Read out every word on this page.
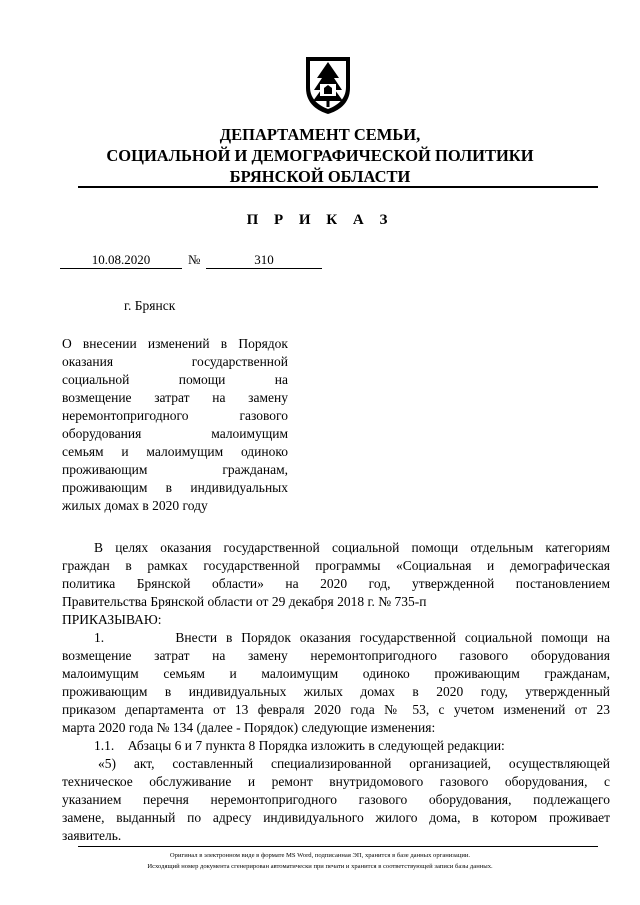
ДЕПАРТАМЕНТ СЕМЬИ,
СОЦИАЛЬНОЙ И ДЕМОГРАФИЧЕСКОЙ ПОЛИТИКИ
БРЯНСКОЙ ОБЛАСТИ
П Р И К А З
10.08.2020	№	310
г. Брянск
О внесении изменений в Порядок
оказания государственной
социальной помощи на
возмещение затрат на замену
неремонтопригодного газового
оборудования малоимущим
семьям и малоимущим одиноко
проживающим гражданам,
проживающим в индивидуальных
жилых домах в 2020 году
В целях оказания государственной социальной помощи отдельным категориям
граждан в рамках государственной программы «Социальная и демографическая
политика Брянской области» на 2020 год, утвержденной постановлением
Правительства Брянской области от 29 декабря 2018 г. № 735-п
ПРИКАЗЫВАЮ:
1.        Внести в Порядок оказания государственной социальной помощи на
возмещение затрат на замену неремонтопригодного газового оборудования
малоимущим семьям и малоимущим одиноко проживающим гражданам,
проживающим в индивидуальных жилых домах в 2020 году, утвержденный
приказом департамента от 13 февраля 2020 года № 53, с учетом изменений от 23
марта 2020 года № 134 (далее - Порядок) следующие изменения:
1.1.    Абзацы 6 и 7 пункта 8 Порядка изложить в следующей редакции:
«5) акт, составленный специализированной организацией, осуществляющей
техническое обслуживание и ремонт внутридомового газового оборудования, с
указанием перечня неремонтопригодного газового оборудования, подлежащего
замене, выданный по адресу индивидуального жилого дома, в котором проживает
заявитель.
Оригинал в электронном виде в формате MS Word, подписанная ЭП, хранится в базе данных организации.
Исходящий номер документа сгенерирован автоматически при печати и хранится в соответствующей записи базы данных.
